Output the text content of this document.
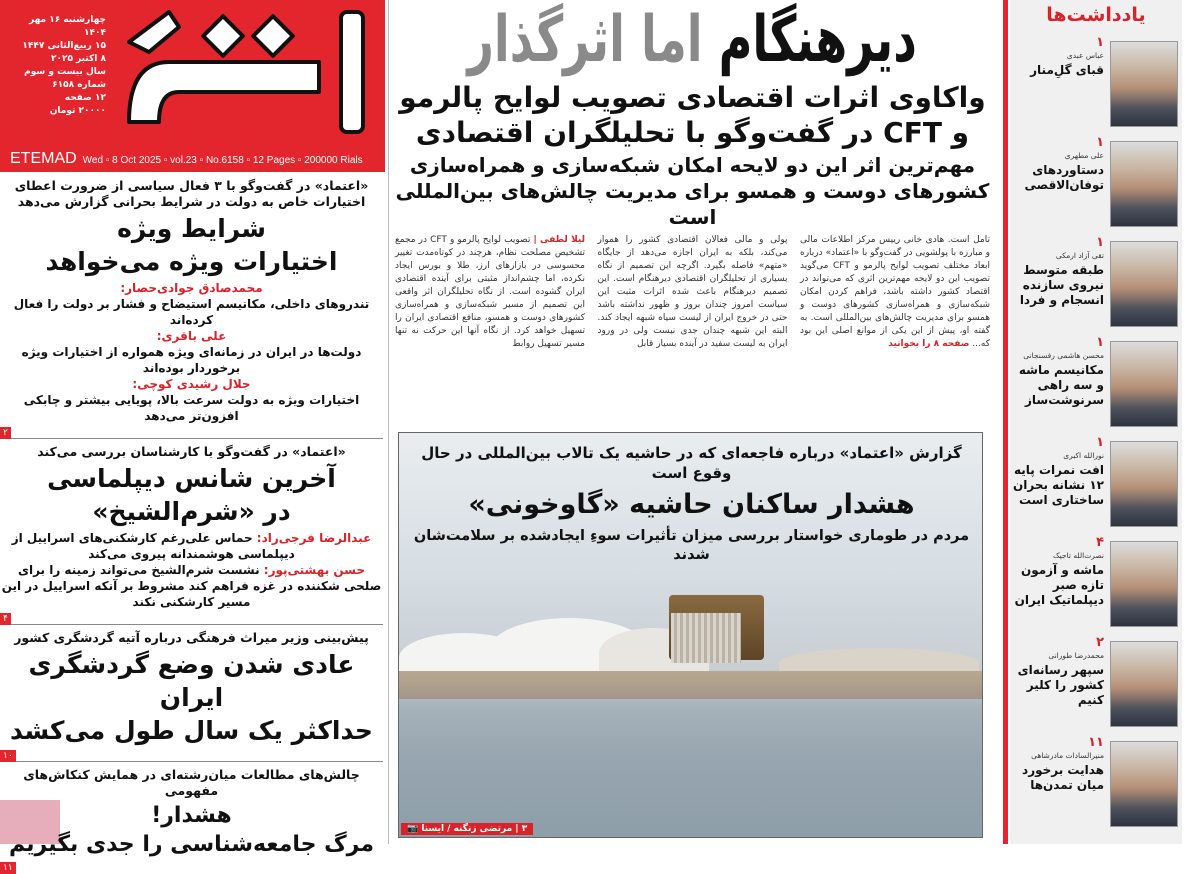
چهارشنبه ۱۶ مهر ۱۴۰۴
۱۵ ربیع‌الثانی ۱۴۴۷
۸ اکتبر ۲۰۲۵
سال بیست و سوم
شماره ۶۱۵۸
۱۲ صفحه
۲۰۰۰۰ تومان
ETEMAD Wed ▫ 8 Oct 2025 ▫ vol.23 ▫ No.6158 ▫ 12 Pages ▫ 200000 Rials
«اعتماد» در گفت‌وگو با ۳ فعال سیاسی از ضرورت اعطای اختیارات خاص به دولت در شرایط بحرانی گزارش می‌دهد
شرایط ویژه
اختیارات ویژه می‌خواهد
محمدصادق جوادی‌حصار:
تندروهای داخلی، مکانیسم استیضاح و فشار بر دولت را فعال کرده‌اند
علی باقری:
دولت‌ها در ایران در زمانه‌ای ویژه همواره از اختیارات ویژه برخوردار بوده‌اند
جلال رشیدی کوچی:
اختیارات ویژه به دولت سرعت بالا، پویایی بیشتر و چابکی افزون‌تر می‌دهد
۲
«اعتماد» در گفت‌وگو با کارشناسان بررسی می‌کند
آخرین شانس دیپلماسی
در «شرم‌الشیخ»
عبدالرضا فرجی‌راد: حماس علی‌رغم کارشکنی‌های اسراییل از دیپلماسی هوشمندانه پیروی می‌کند
حسن بهشتی‌پور: نشست شرم‌الشیخ می‌تواند زمینه را برای صلحی شکننده در غزه فراهم کند مشروط بر آنکه اسراییل در این مسیر کارشکنی نکند
۴
پیش‌بینی وزیر میراث فرهنگی درباره آتیه گردشگری کشور
عادی شدن وضع گردشگری ایران
حداکثر یک سال طول می‌کشد
۱۰
چالش‌های مطالعات میان‌رشته‌ای در همایش کنکاش‌های مفهومی
هشدار!
مرگ جامعه‌شناسی را جدی بگیریم
۱۱
دیرهنگام اما اثرگذار
واکاوی اثرات اقتصادی تصویب لوایح پالرمو و CFT در گفت‌وگو با تحلیلگران اقتصادی
مهم‌ترین اثر این دو لایحه امکان شبکه‌سازی و همراه‌سازی کشورهای دوست و همسو برای مدیریت چالش‌های بین‌المللی است
لیلا لطفی | تصویب لوایح پالرمو و CFT در مجمع تشخیص مصلحت نظام، هرچند در کوتاه‌مدت تغییر محسوسی در بازارهای ارز، طلا و بورس ایجاد نکرده، اما چشم‌انداز مثبتی برای آینده اقتصادی ایران گشوده است. از نگاه تحلیلگران اثر واقعی این تصمیم از مسیر شبکه‌سازی و همراه‌سازی کشورهای دوست و همسو، منافع اقتصادی ایران را تسهیل خواهد کرد. از نگاه آنها این حرکت نه تنها مسیر تسهیل روابط
پولی و مالی فعالان اقتصادی کشور را هموار می‌کند، بلکه به ایران اجازه می‌دهد از جایگاه «متهم» فاصله بگیرد. اگرچه این تصمیم از نگاه بسیاری از تحلیلگران اقتصادی دیرهنگام است. این تصمیم دیرهنگام باعث شده اثرات مثبت این سیاست امروز چندان بروز و ظهور نداشته باشد حتی در خروج ایران از لیست سیاه شبهه ایجاد کند. البته این شبهه چندان جدی نیست ولی در ورود ایران به لیست سفید در آینده بسیار قابل
تامل است. هادی خانی رییس مرکز اطلاعات مالی و مبارزه با پولشویی در گفت‌وگو با «اعتماد» درباره ابعاد مختلف تصویب لوایح پالرمو و CFT می‌گوید تصویب این دو لایحه مهم‌ترین اثری که می‌تواند در اقتصاد کشور داشته باشد، فراهم کردن امکان شبکه‌سازی و همراه‌سازی کشورهای دوست و همسو برای مدیریت چالش‌های بین‌المللی است. به گفته او، پیش از این یکی از موانع اصلی این بود که... صفحه ۸ را بخوانید
گزارش «اعتماد» درباره فاجعه‌ای که در حاشیه یک تالاب بین‌المللی در حال وقوع است
هشدار ساکنان حاشیه «گاوخونی»
مردم در طوماری خواستار بررسی میزان تأثیرات سوءِ ایجادشده بر سلامت‌شان شدند
۳ | مرتضی زنگنه / ایسنا 📷
یادداشت‌ها
۱
عباس عبدی
قبای گلِ‌منار
۱
علی مطهری
دستاوردهای توفان‌الاقصی
۱
تقی آزاد ارمکی
طبقه متوسط نیروی سازنده انسجام و فردا
۱
محسن هاشمی رفسنجانی
مکانیسم ماشه و سه راهی سرنوشت‌ساز
۱
نورالله اکبری
افت نمرات پایه ۱۲ نشانه بحران ساختاری است
۴
نصرت‌الله تاجیک
ماشه و آزمون تازه صبر دیپلماتیک ایران
۲
محمدرضا طورانی
سپهر رسانه‌ای کشور را کلیر کنیم
۱۱
منیرالسادات مادرشاهی
هدایت برخورد میان تمدن‌ها
